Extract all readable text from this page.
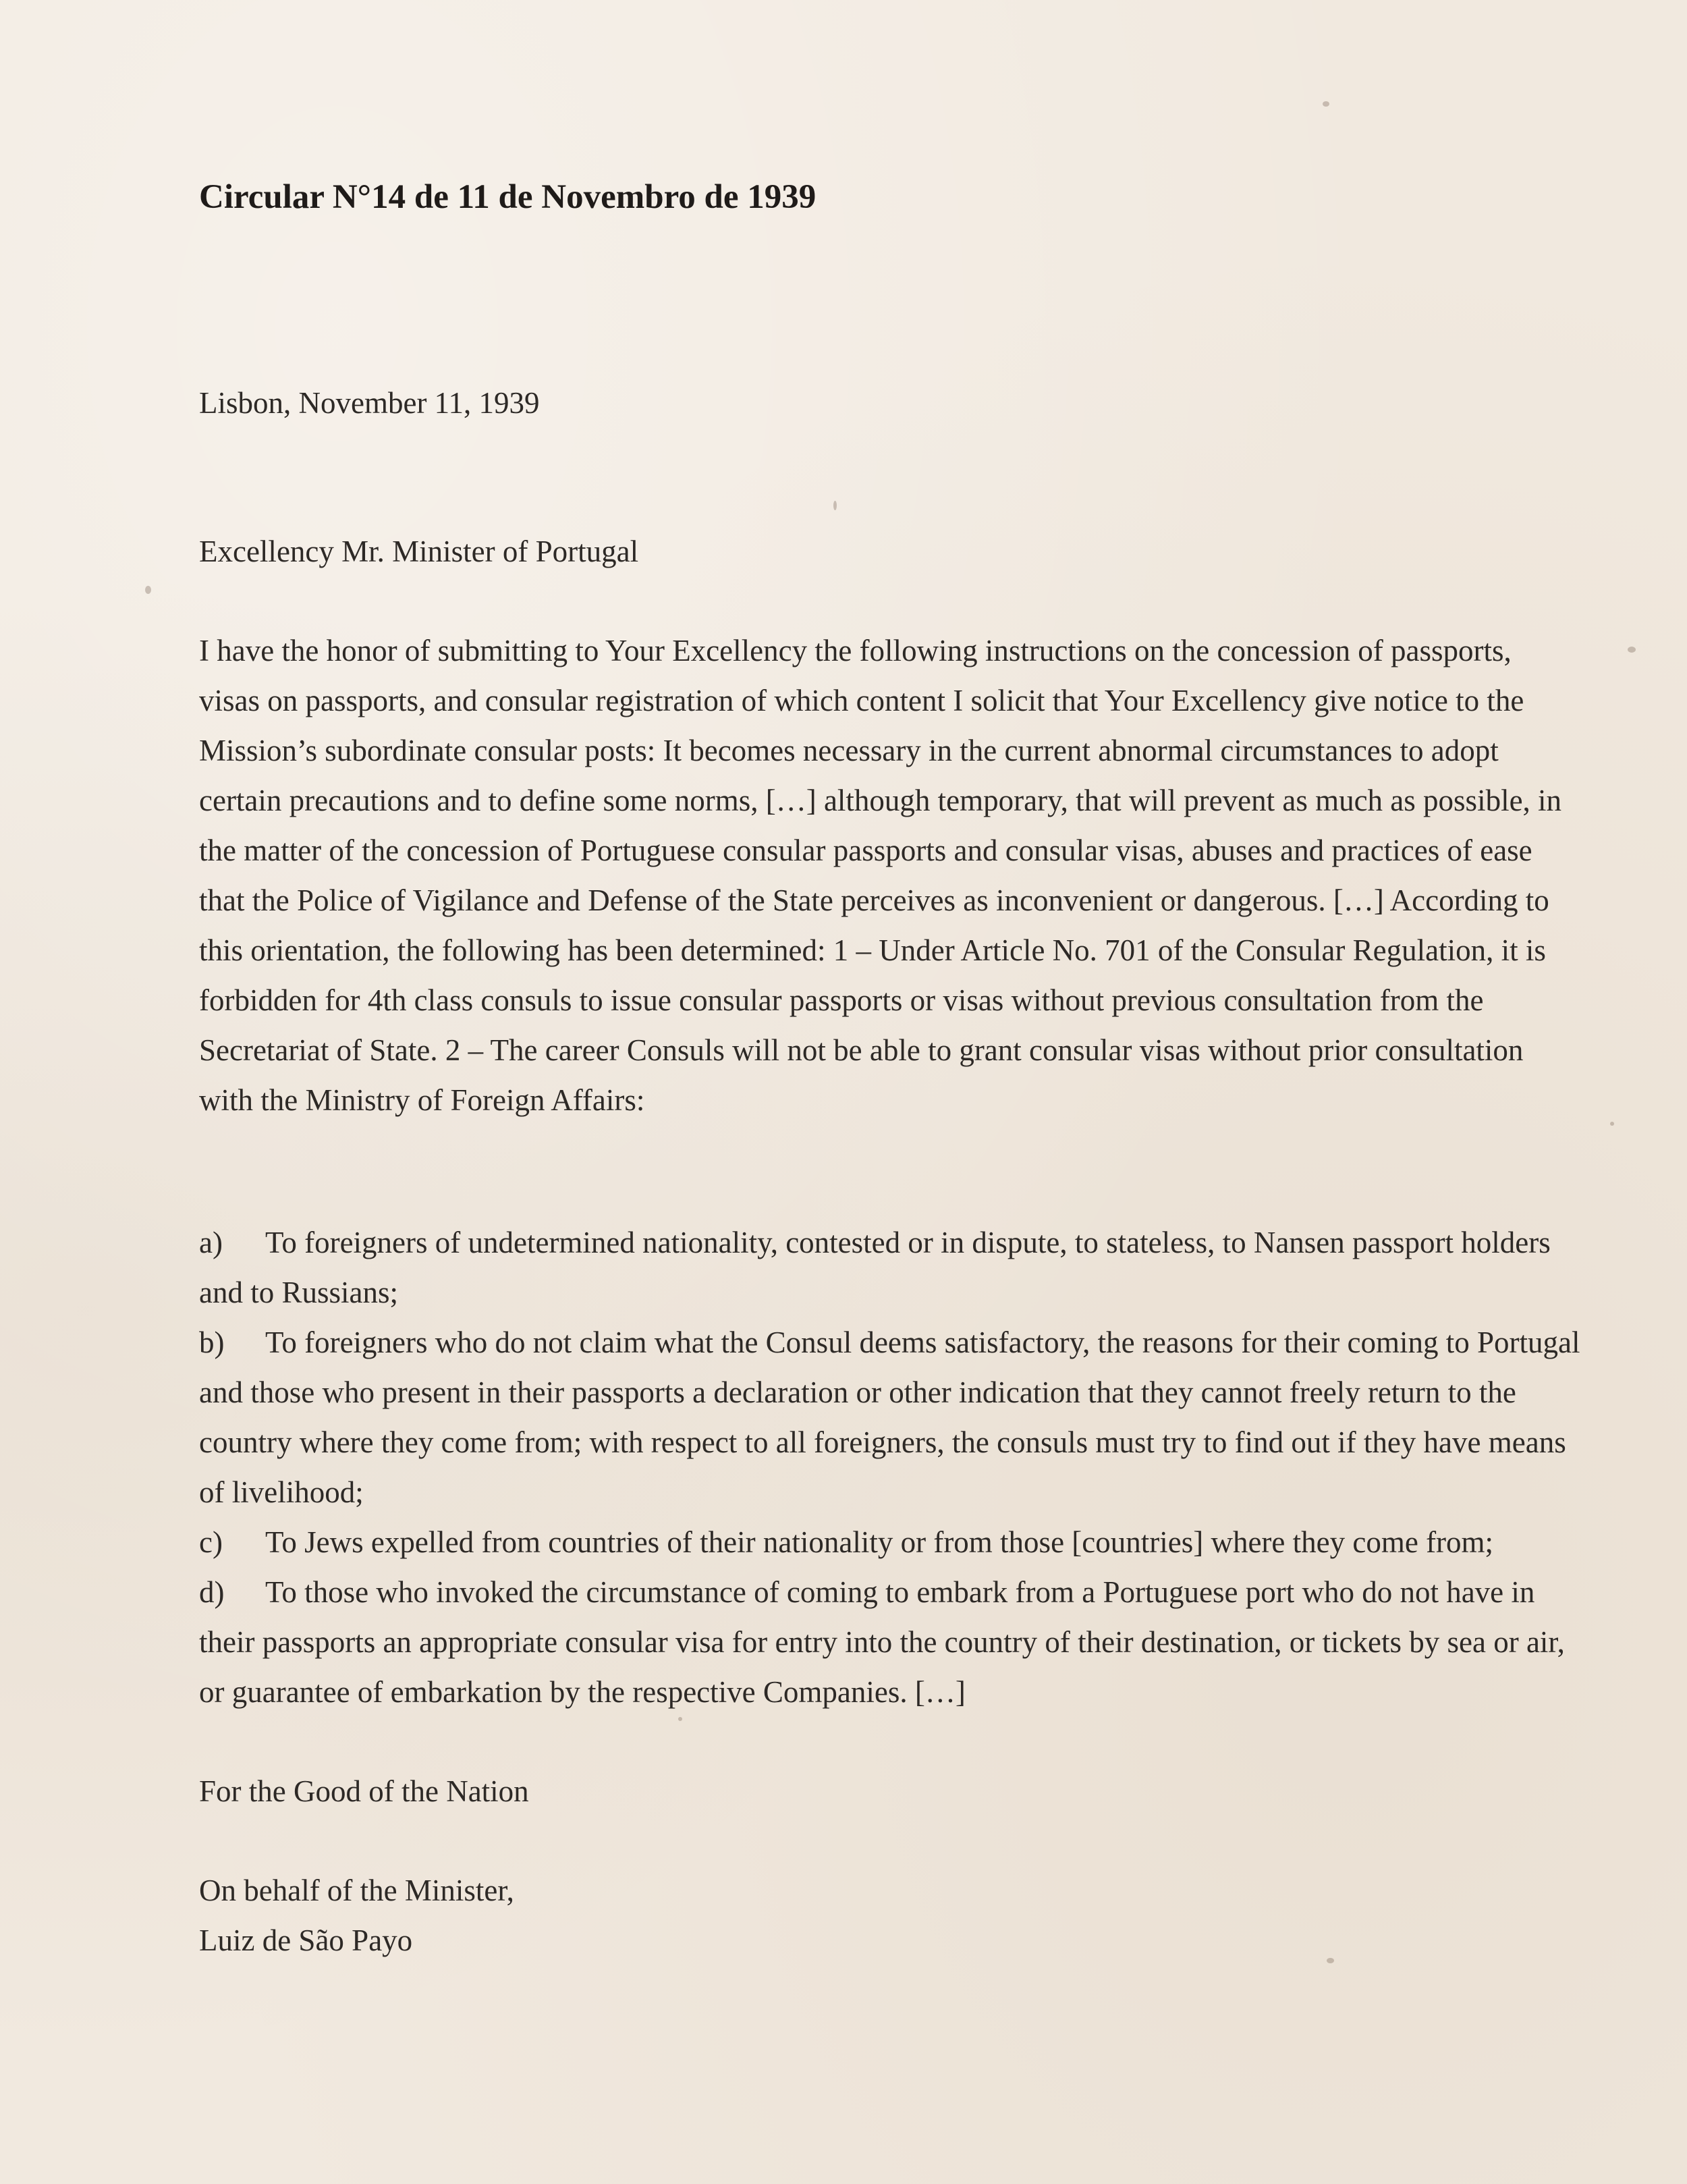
Circular N°14 de 11 de Novembro de 1939
Lisbon, November 11, 1939
Excellency Mr. Minister of Portugal

I have the honor of submitting to Your Excellency the following instructions on the concession of passports, visas on passports, and consular registration of which content I solicit that Your Excellency give notice to the Mission’s subordinate consular posts: It becomes necessary in the current abnormal circumstances to adopt certain precautions and to define some norms, […] although temporary, that will prevent as much as possible, in the matter of the concession of Portuguese consular passports and consular visas, abuses and practices of ease that the Police of Vigilance and Defense of the State perceives as inconvenient or dangerous. […] According to this orientation, the following has been determined: 1 – Under Article No. 701 of the Consular Regulation, it is forbidden for 4th class consuls to issue consular passports or visas without previous consultation from the Secretariat of State. 2 – The career Consuls will not be able to grant consular visas without prior consultation with the Ministry of Foreign Affairs:

a) To foreigners of undetermined nationality, contested or in dispute, to stateless, to Nansen passport holders and to Russians;
b) To foreigners who do not claim what the Consul deems satisfactory, the reasons for their coming to Portugal and those who present in their passports a declaration or other indication that they cannot freely return to the country where they come from; with respect to all foreigners, the consuls must try to find out if they have means of livelihood;
c) To Jews expelled from countries of their nationality or from those [countries] where they come from;
d) To those who invoked the circumstance of coming to embark from a Portuguese port who do not have in their passports an appropriate consular visa for entry into the country of their destination, or tickets by sea or air, or guarantee of embarkation by the respective Companies. […]
For the Good of the Nation
On behalf of the Minister,
Luiz de São Payo
